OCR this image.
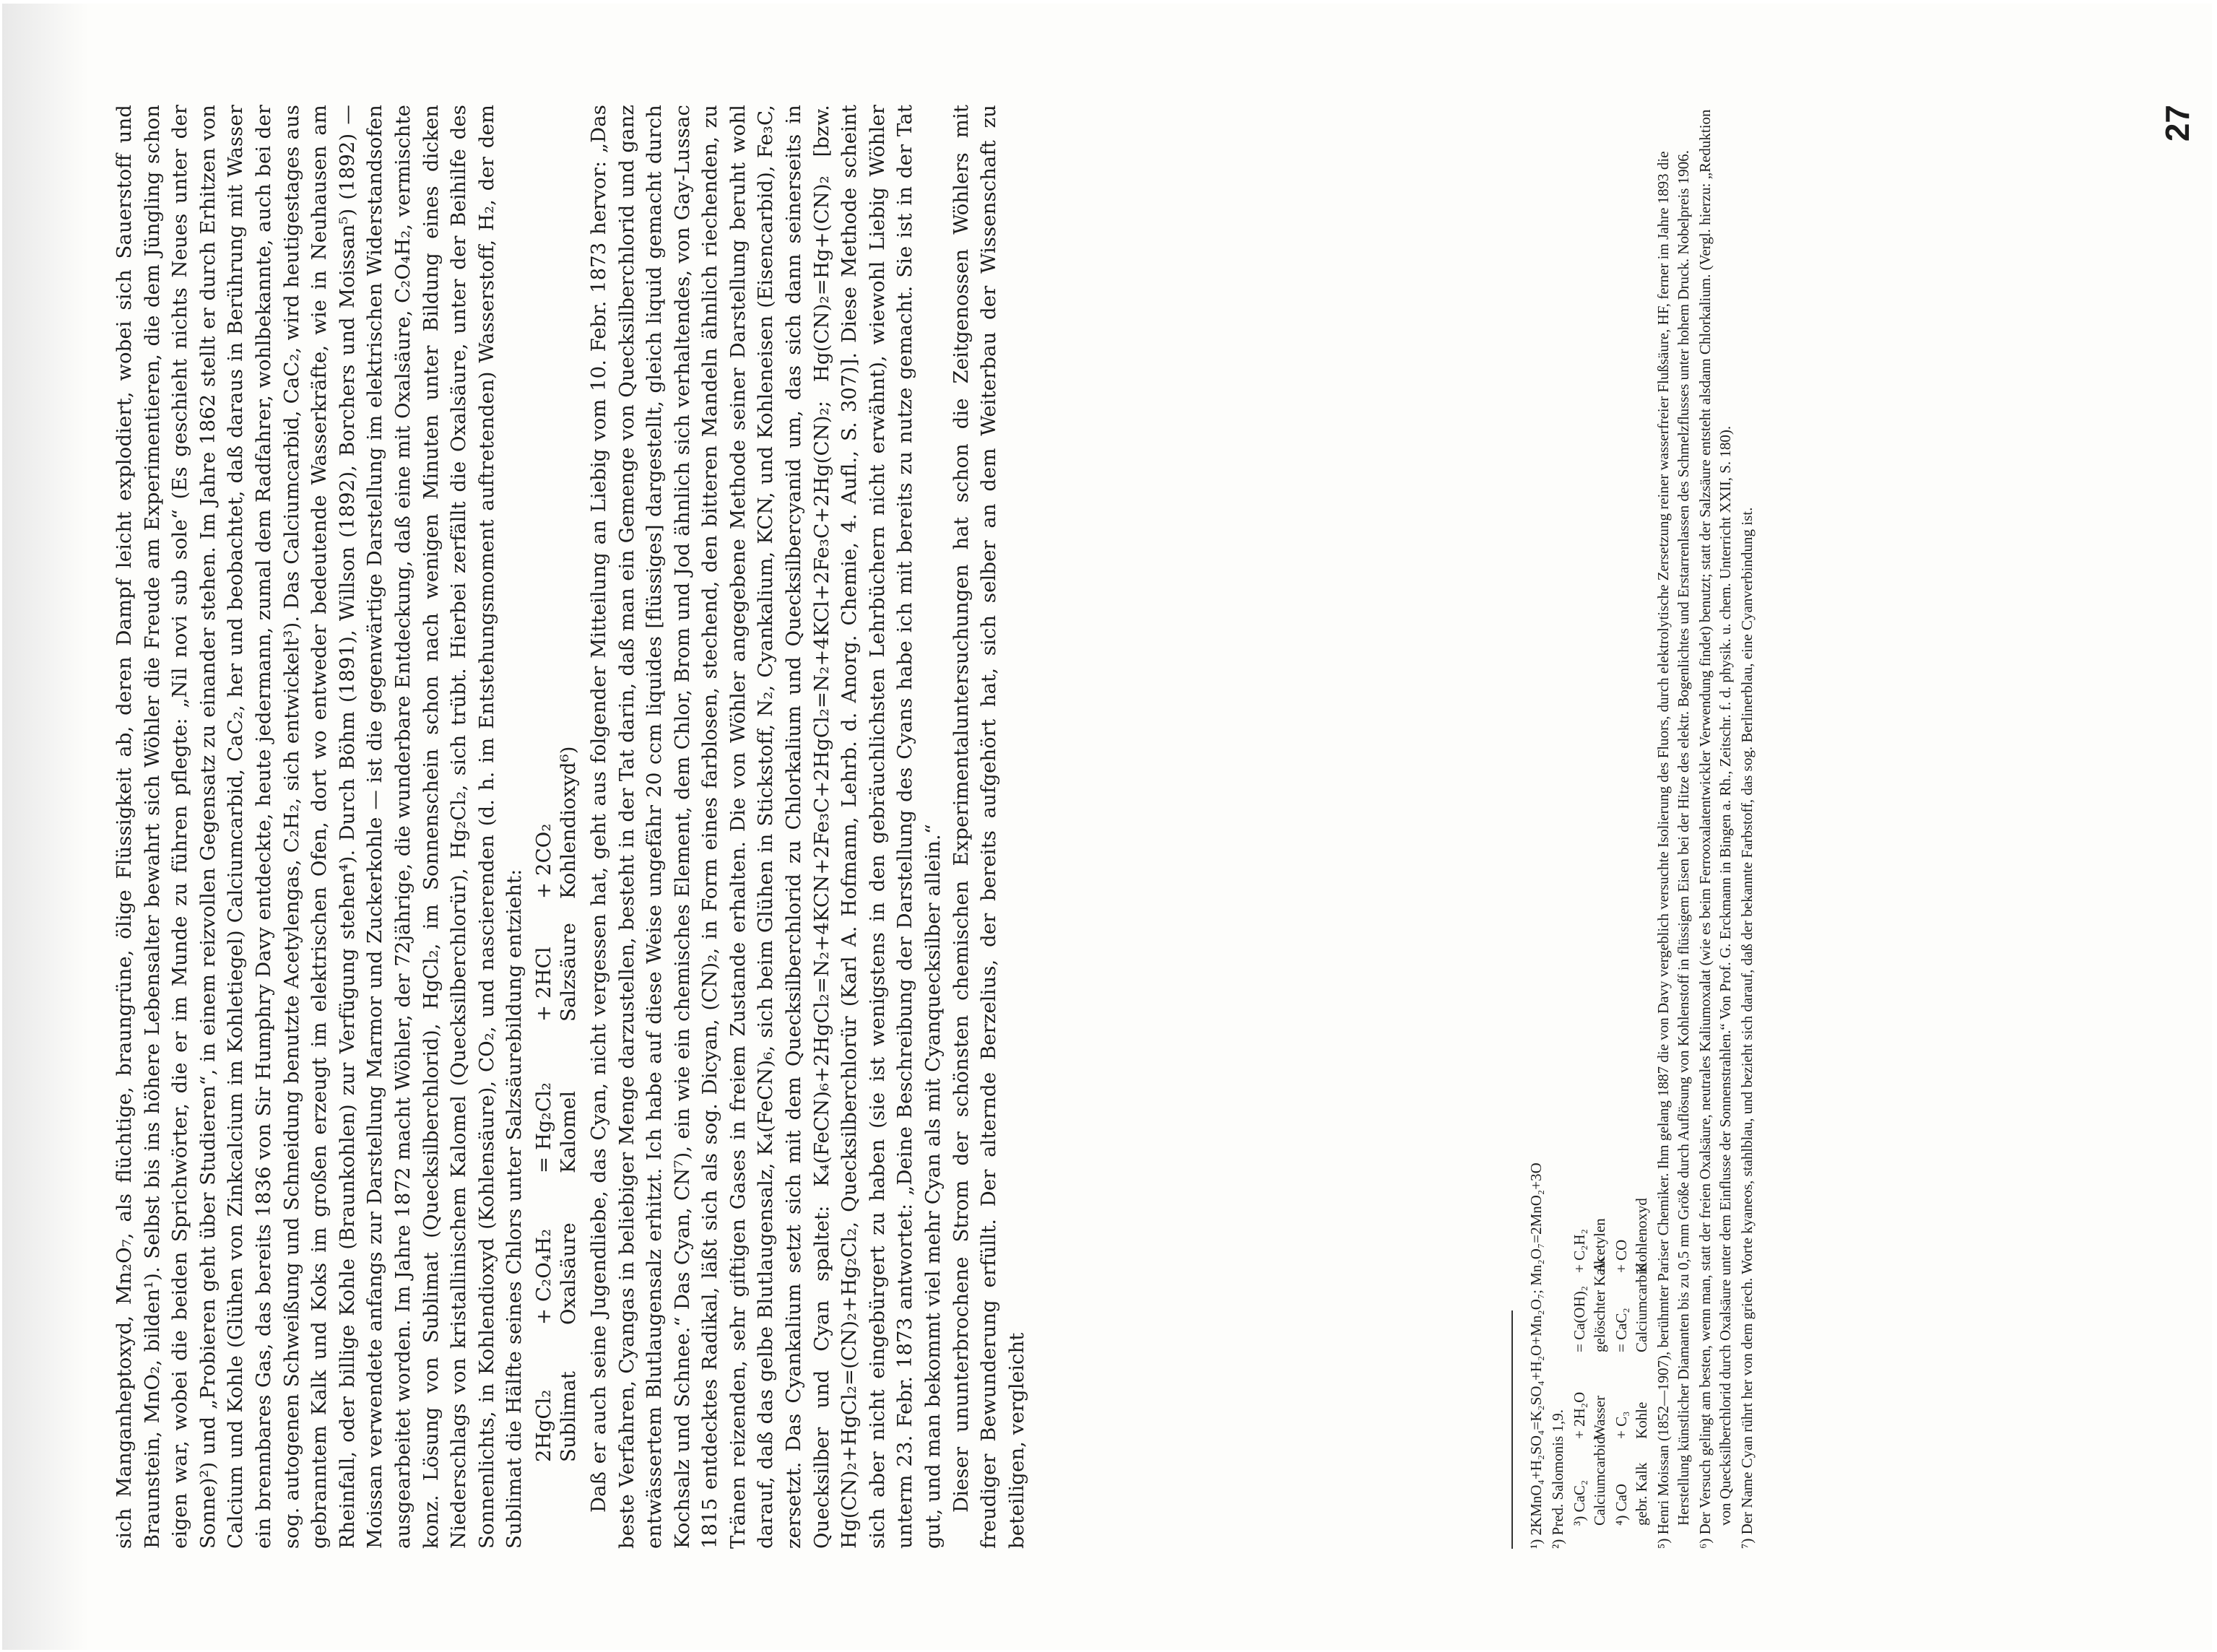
sich Manganheptoxyd, Mn₂O₇, als flüchtige, braungrüne, ölige Flüssigkeit ab, deren Dampf leicht explodiert, wobei sich Sauerstoff und Braunstein, MnO₂, bilden¹). Selbst bis ins höhere Lebensalter bewahrt sich Wöhler die Freude am Experimentieren, die dem Jüngling schon eigen war, wobei die beiden Sprichwörter, die er im Munde zu führen pflegte: „Nil novi sub sole“ (Es geschieht nichts Neues unter der Sonne)²) und „Probieren geht über Studieren“, in einem reizvollen Gegensatz zu einander stehen. Im Jahre 1862 stellt er durch Erhitzen von Calcium und Kohle (Glühen von Zinkcalcium im Kohletiegel) Calciumcarbid, CaC₂, her und beobachtet, daß daraus in Berührung mit Wasser ein brennbares Gas, das bereits 1836 von Sir Humphry Davy entdeckte, heute jedermann, zumal dem Radfahrer, wohlbekannte, auch bei der sog. autogenen Schweißung und Schneidung benutzte Acetylengas, C₂H₂, sich entwickelt³). Das Calciumcarbid, CaC₂, wird heutigestages aus gebranntem Kalk und Koks im großen erzeugt im elektrischen Ofen, dort wo entweder bedeutende Wasserkräfte, wie in Neuhausen am Rheinfall, oder billige Kohle (Braunkohlen) zur Verfügung stehen⁴). Durch Böhm (1891), Willson (1892), Borchers und Moissan⁵) (1892) — Moissan verwendete anfangs zur Darstellung Marmor und Zuckerkohle — ist die gegenwärtige Darstellung im elektrischen Widerstandsofen ausgearbeitet worden. Im Jahre 1872 macht Wöhler, der 72jährige, die wunderbare Entdeckung, daß eine mit Oxalsäure, C₂O₄H₂, vermischte konz. Lösung von Sublimat (Quecksilberchlorid), HgCl₂, im Sonnenschein schon nach wenigen Minuten unter Bildung eines dicken Niederschlags von kristallinischem Kalomel (Quecksilberchlorür), Hg₂Cl₂, sich trübt. Hierbei zerfällt die Oxalsäure, unter der Beihilfe des Sonnenlichts, in Kohlendioxyd (Kohlensäure), CO₂, und nascierenden (d. h. im Entstehungsmoment auftretenden) Wasserstoff, H₂, der dem Sublimat die Hälfte seines Chlors unter Salzsäurebildung entzieht: 2HgCl₂
+ C₂O₄H₂
= Hg₂Cl₂
+ 2HCl
+ 2CO₂
Sublimat
Oxalsäure
Kalomel
Salzsäure
Kohlendioxyd⁶) Daß er auch seine Jugendliebe, das Cyan, nicht vergessen hat, geht aus folgender Mitteilung an Liebig vom 10. Febr. 1873 hervor: „Das beste Verfahren, Cyangas in beliebiger Menge darzustellen, besteht in der Tat darin, daß man ein Gemenge von Quecksilberchlorid und ganz entwässertem Blutlaugensalz erhitzt. Ich habe auf diese Weise ungefähr 20 ccm liquides [flüssiges] dargestellt, gleich liquid gemacht durch Kochsalz und Schnee.“ Das Cyan, CN⁷), ein wie ein chemisches Element, dem Chlor, Brom und Jod ähnlich sich verhaltendes, von Gay-Lussac 1815 entdecktes Radikal, läßt sich als sog. Dicyan, (CN)₂, in Form eines farblosen, stechend, den bitteren Mandeln ähnlich riechenden, zu Tränen reizenden, sehr giftigen Gases in freiem Zustande erhalten. Die von Wöhler angegebene Methode seiner Darstellung beruht wohl darauf, daß das gelbe Blutlaugensalz, K₄(FeCN)₆, sich beim Glühen in Stickstoff, N₂, Cyankalium, KCN, und Kohleneisen (Eisencarbid), Fe₃C, zersetzt. Das Cyankalium setzt sich mit dem Quecksilberchlorid zu Chlorkalium und Quecksilbercyanid um, das sich dann seinerseits in Quecksilber und Cyan spaltet: K₄(FeCN)₆+2HgCl₂=N₂+4KCN+2Fe₃C+2HgCl₂=N₂+4KCl+2Fe₃C+2Hg(CN)₂; Hg(CN)₂=Hg+(CN)₂ [bzw. Hg(CN)₂+HgCl₂=(CN)₂+Hg₂Cl₂, Quecksilberchlorür (Karl A. Hofmann, Lehrb. d. Anorg. Chemie, 4. Aufl., S. 307)]. Diese Methode scheint sich aber nicht eingebürgert zu haben (sie ist wenigstens in den gebräuchlichsten Lehrbüchern nicht erwähnt), wiewohl Liebig Wöhler unterm 23. Febr. 1873 antwortet: „Deine Beschreibung der Darstellung des Cyans habe ich mit bereits zu nutze gemacht. Sie ist in der Tat gut, und man bekommt viel mehr Cyan als mit Cyanquecksilber allein.“ Dieser ununterbrochene Strom der schönsten chemischen Experimentaluntersuchungen hat schon die Zeitgenossen Wöhlers mit freudiger Bewunderung erfüllt. Der alternde Berzelius, der bereits aufgehört hat, sich selber an dem Weiterbau der Wissenschaft zu beteiligen, vergleicht	¹) 2KMnO₄+H₂SO₄=K₂SO₄+H₂O+Mn₂O₇; Mn₂O₇=2MnO₂+3O ²) Pred. Salomonis 1,9. ³) CaC₂
+ 2H₂O
= Ca(OH)₂
+ C₂H₂
Calciumcarbid
Wasser
gelöschter Kalk
Acetylen
⁴) CaO
+ C₃
= CaC₂
+ CO
gebr. Kalk
Kohle
Calciumcarbid
Kohlenoxyd ⁵) Henri Moissan (1852—1907), berühmter Pariser Chemiker. Ihm gelang 1887 die von Davy vergeblich versuchte Isolierung des Fluors, durch elektrolytische Zersetzung reiner wasserfreier Flußsäure, HF, ferner im Jahre 1893 die Herstellung künstlicher Diamanten bis zu 0,5 mm Größe durch Auflösung von Kohlenstoff in flüssigem Eisen bei der Hitze des elektr. Bogenlichtes und Erstarrenlassen des Schmelzflusses unter hohem Druck. Nobelpreis 1906. ⁶) Der Versuch gelingt am besten, wenn man, statt der freien Oxalsäure, neutrales Kaliumoxalat (wie es beim Ferrooxalatentwickler Verwendung findet) benutzt; statt der Salzsäure entsteht alsdann Chlorkalium. (Vergl. hierzu: „Reduktion von Quecksilberchlorid durch Oxalsäure unter dem Einflusse der Sonnenstrahlen.“ Von Prof. G. Erckmann in Bingen a. Rh., Zeitschr. f. d. physik. u. chem. Unterricht XXII, S. 180). ⁷) Der Name Cyan rührt her von dem griech. Worte kyaneos, stahlblau, und bezieht sich darauf, daß der bekannte Farbstoff, das sog. Berlinerblau, eine Cyanverbindung ist.

27
